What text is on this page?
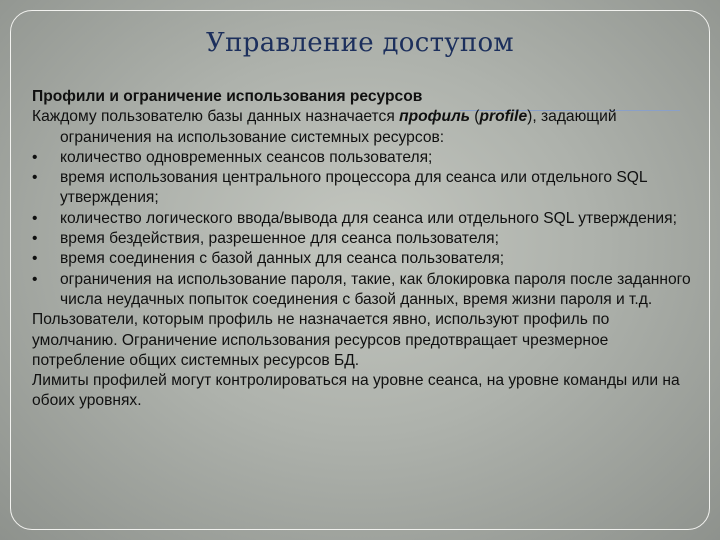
Управление доступом
Профили и ограничение использования ресурсов

Каждому пользователю базы данных назначается профиль (profile), задающий ограничения на использование системных ресурсов:

•	количество одновременных сеансов пользователя;
•	время использования центрального процессора для сеанса или отдельного SQL утверждения;
•	количество логического ввода/вывода для сеанса или отдельного SQL утверждения;
•	время бездействия, разрешенное для сеанса пользователя;
•	время соединения с базой данных для сеанса пользователя;
•	ограничения на использование пароля, такие, как блокировка пароля после заданного числа неудачных попыток соединения с базой данных, время жизни пароля и т.д.

Пользователи, которым профиль не назначается явно, используют профиль по умолчанию. Ограничение использования ресурсов предотвращает чрезмерное потребление общих системных ресурсов БД.

Лимиты профилей могут контролироваться на уровне сеанса, на уровне команды или на обоих уровнях.
